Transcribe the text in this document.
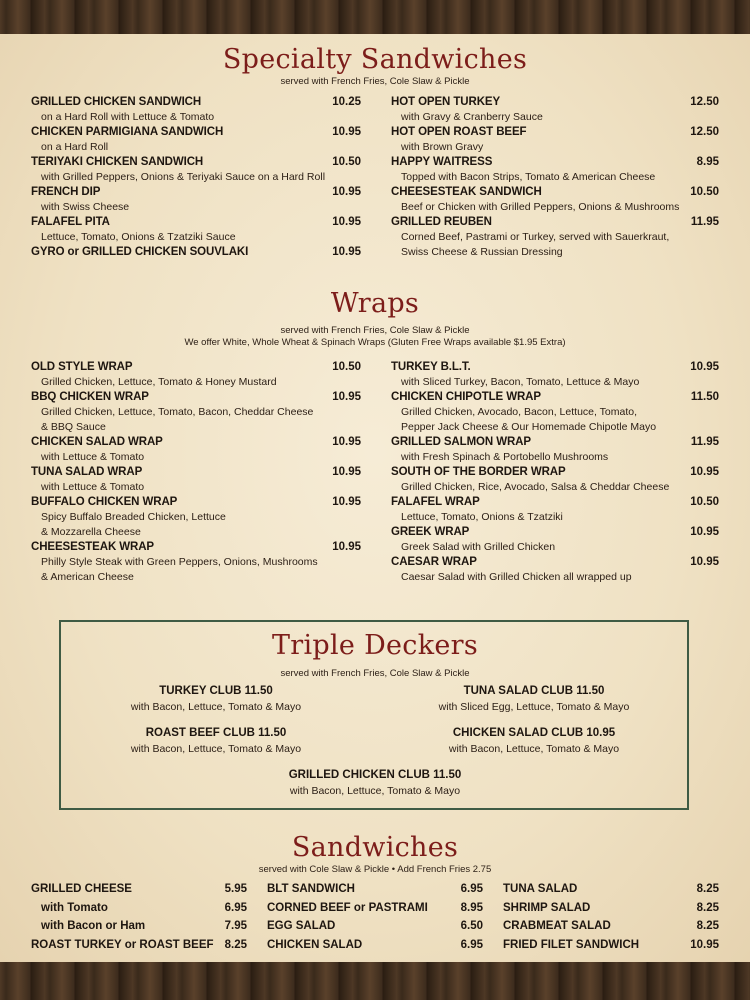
Specialty Sandwiches
served with French Fries, Cole Slaw & Pickle
GRILLED CHICKEN SANDWICH	10.25
on a Hard Roll with Lettuce & Tomato
CHICKEN PARMIGIANA SANDWICH	10.95
on a Hard Roll
TERIYAKI CHICKEN SANDWICH	10.50
with Grilled Peppers, Onions & Teriyaki Sauce on a Hard Roll
FRENCH DIP	10.95
with Swiss Cheese
FALAFEL PITA	10.95
Lettuce, Tomato, Onions & Tzatziki Sauce
GYRO or GRILLED CHICKEN SOUVLAKI	10.95
HOT OPEN TURKEY	12.50
with Gravy & Cranberry Sauce
HOT OPEN ROAST BEEF	12.50
with Brown Gravy
HAPPY WAITRESS	8.95
Topped with Bacon Strips, Tomato & American Cheese
CHEESESTEAK SANDWICH	10.50
Beef or Chicken with Grilled Peppers, Onions & Mushrooms
GRILLED REUBEN	11.95
Corned Beef, Pastrami or Turkey, served with Sauerkraut,
Swiss Cheese & Russian Dressing
Wraps
served with French Fries, Cole Slaw & Pickle
We offer White, Whole Wheat & Spinach Wraps (Gluten Free Wraps available $1.95 Extra)
OLD STYLE WRAP	10.50
Grilled Chicken, Lettuce, Tomato & Honey Mustard
BBQ CHICKEN WRAP	10.95
Grilled Chicken, Lettuce, Tomato, Bacon, Cheddar Cheese
& BBQ Sauce
CHICKEN SALAD WRAP	10.95
with Lettuce & Tomato
TUNA SALAD WRAP	10.95
with Lettuce & Tomato
BUFFALO CHICKEN WRAP	10.95
Spicy Buffalo Breaded Chicken, Lettuce
& Mozzarella Cheese
CHEESESTEAK WRAP	10.95
Philly Style Steak with Green Peppers, Onions, Mushrooms
& American Cheese
TURKEY B.L.T.	10.95
with Sliced Turkey, Bacon, Tomato, Lettuce & Mayo
CHICKEN CHIPOTLE WRAP	11.50
Grilled Chicken, Avocado, Bacon, Lettuce, Tomato,
Pepper Jack Cheese & Our Homemade Chipotle Mayo
GRILLED SALMON WRAP	11.95
with Fresh Spinach & Portobello Mushrooms
SOUTH OF THE BORDER WRAP	10.95
Grilled Chicken, Rice, Avocado, Salsa & Cheddar Cheese
FALAFEL WRAP	10.50
Lettuce, Tomato, Onions & Tzatziki
GREEK WRAP	10.95
Greek Salad with Grilled Chicken
CAESAR WRAP	10.95
Caesar Salad with Grilled Chicken all wrapped up
Triple Deckers
served with French Fries, Cole Slaw & Pickle
TURKEY CLUB 11.50
with Bacon, Lettuce, Tomato & Mayo
TUNA SALAD CLUB 11.50
with Sliced Egg, Lettuce, Tomato & Mayo
ROAST BEEF CLUB 11.50
with Bacon, Lettuce, Tomato & Mayo
CHICKEN SALAD CLUB 10.95
with Bacon, Lettuce, Tomato & Mayo
GRILLED CHICKEN CLUB 11.50
with Bacon, Lettuce, Tomato & Mayo
Sandwiches
served with Cole Slaw & Pickle • Add French Fries 2.75
GRILLED CHEESE	5.95
with Tomato	6.95
with Bacon or Ham	7.95
ROAST TURKEY or ROAST BEEF 8.25
BLT SANDWICH	6.95
CORNED BEEF or PASTRAMI	8.95
EGG SALAD	6.50
CHICKEN SALAD	6.95
TUNA SALAD	8.25
SHRIMP SALAD	8.25
CRABMEAT SALAD	8.25
FRIED FILET SANDWICH	10.95
